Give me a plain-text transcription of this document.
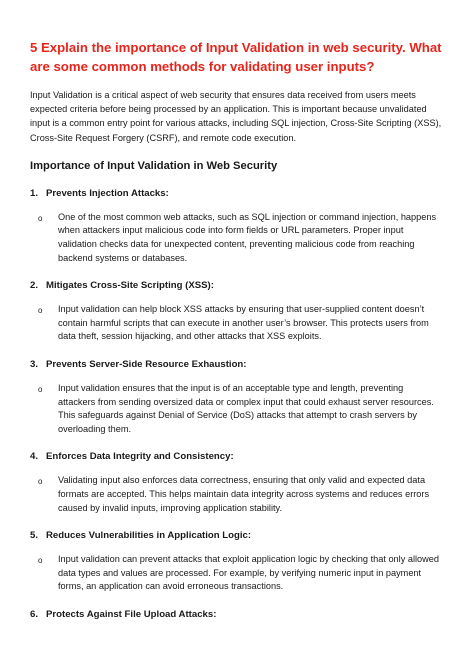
5 Explain the importance of Input Validation in web security. What are some common methods for validating user inputs?
Input Validation is a critical aspect of web security that ensures data received from users meets expected criteria before being processed by an application. This is important because unvalidated input is a common entry point for various attacks, including SQL injection, Cross-Site Scripting (XSS), Cross-Site Request Forgery (CSRF), and remote code execution.
Importance of Input Validation in Web Security
1. Prevents Injection Attacks:
o	One of the most common web attacks, such as SQL injection or command injection, happens when attackers input malicious code into form fields or URL parameters. Proper input validation checks data for unexpected content, preventing malicious code from reaching backend systems or databases.
2. Mitigates Cross-Site Scripting (XSS):
o	Input validation can help block XSS attacks by ensuring that user-supplied content doesn’t contain harmful scripts that can execute in another user’s browser. This protects users from data theft, session hijacking, and other attacks that XSS exploits.
3. Prevents Server-Side Resource Exhaustion:
o	Input validation ensures that the input is of an acceptable type and length, preventing attackers from sending oversized data or complex input that could exhaust server resources. This safeguards against Denial of Service (DoS) attacks that attempt to crash servers by overloading them.
4. Enforces Data Integrity and Consistency:
o	Validating input also enforces data correctness, ensuring that only valid and expected data formats are accepted. This helps maintain data integrity across systems and reduces errors caused by invalid inputs, improving application stability.
5. Reduces Vulnerabilities in Application Logic:
o	Input validation can prevent attacks that exploit application logic by checking that only allowed data types and values are processed. For example, by verifying numeric input in payment forms, an application can avoid erroneous transactions.
6. Protects Against File Upload Attacks:
